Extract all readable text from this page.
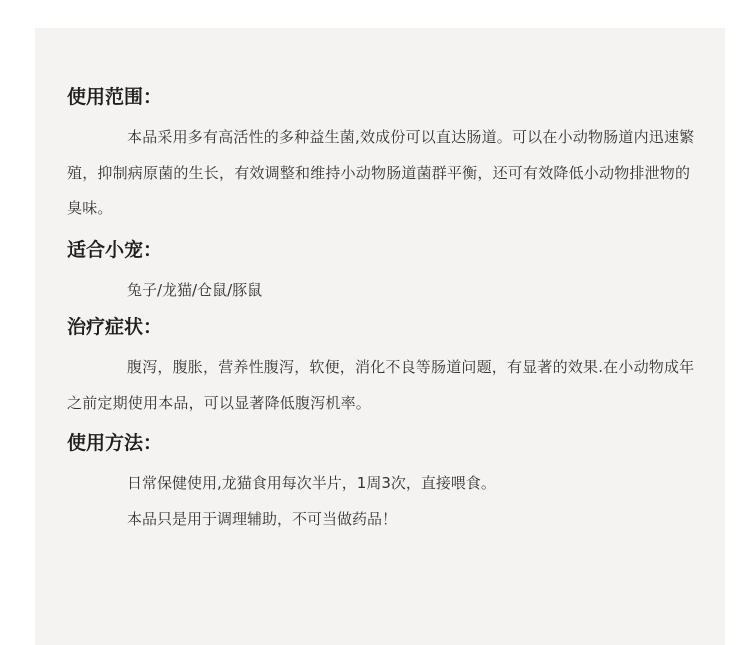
使用范围：

本品采用多有高活性的多种益生菌,效成份可以直达肠道。可以在小动物肠道内迅速繁殖，抑制病原菌的生长，有效调整和维持小动物肠道菌群平衡，还可有效降低小动物排泄物的臭味。

适合小宠：

兔子/龙猫/仓鼠/豚鼠

治疗症状：

腹泻，腹胀，营养性腹泻，软便，消化不良等肠道问题，有显著的效果.在小动物成年之前定期使用本品，可以显著降低腹泻机率。

使用方法：

日常保健使用,龙猫食用每次半片，1周3次，直接喂食。

本品只是用于调理辅助，不可当做药品！
